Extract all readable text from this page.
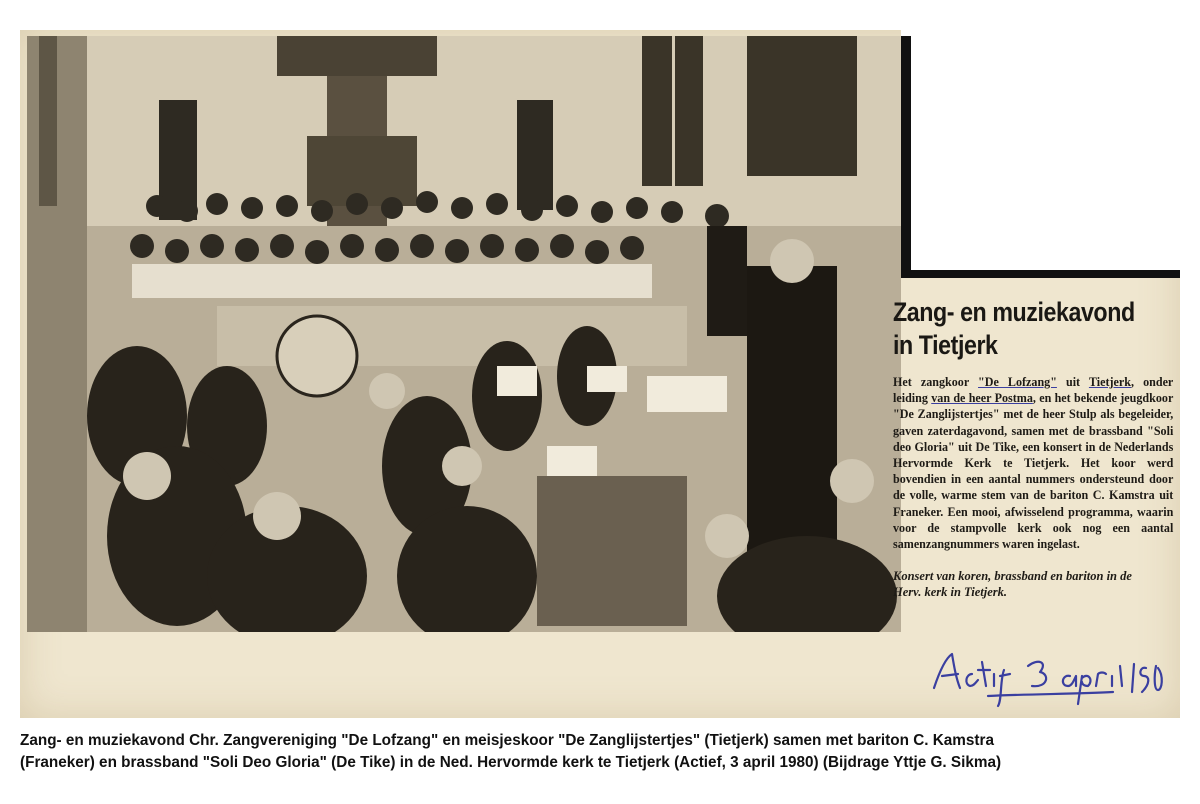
Zang- en muziekavond
in Tietjerk
Het zangkoor "De Lofzang" uit Tietjerk, onder leiding van de heer Postma, en het bekende jeugdkoor "De Zanglijstertjes" met de heer Stulp als begeleider, gaven zaterdagavond, samen met de brassband "Soli deo Gloria" uit De Tike, een konsert in de Nederlands Hervormde Kerk te Tietjerk. Het koor werd bovendien in een aantal nummers ondersteund door de volle, warme stem van de bariton C. Kamstra uit Franeker. Een mooi, afwisselend programma, waarin voor de stampvolle kerk ook nog een aantal samenzangnummers waren ingelast.
Konsert van koren, brassband en bariton in de Herv. kerk in Tietjerk.
Zang- en muziekavond Chr. Zangvereniging "De Lofzang" en meisjeskoor "De Zanglijstertjes" (Tietjerk) samen met bariton C. Kamstra
(Franeker) en brassband "Soli Deo Gloria" (De Tike) in de Ned. Hervormde kerk te Tietjerk (Actief, 3 april 1980) (Bijdrage Yttje G. Sikma)
